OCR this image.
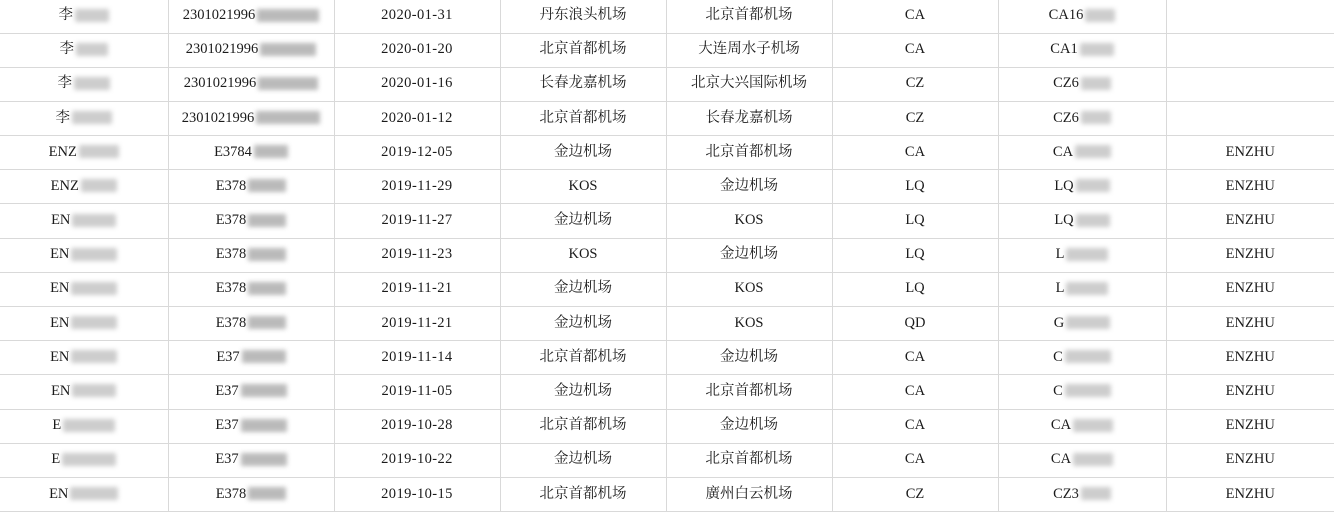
李	2301021996	2020-01-31	丹东浪头机场	北京首都机场	CA	CA16	

李	2301021996	2020-01-20	北京首都机场	大连周水子机场	CA	CA1	

李	2301021996	2020-01-16	长春龙嘉机场	北京大兴国际机场	CZ	CZ6	

李	2301021996	2020-01-12	北京首都机场	长春龙嘉机场	CZ	CZ6	

ENZ	E3784	2019-12-05	金边机场	北京首都机场	CA	CA	ENZHU

ENZ	E378	2019-11-29	KOS	金边机场	LQ	LQ	ENZHU

EN	E378	2019-11-27	金边机场	KOS	LQ	LQ	ENZHU

EN	E378	2019-11-23	KOS	金边机场	LQ	L	ENZHU

EN	E378	2019-11-21	金边机场	KOS	LQ	L	ENZHU

EN	E378	2019-11-21	金边机场	KOS	QD	G	ENZHU

EN	E37	2019-11-14	北京首都机场	金边机场	CA	C	ENZHU

EN	E37	2019-11-05	金边机场	北京首都机场	CA	C	ENZHU

E	E37	2019-10-28	北京首都机场	金边机场	CA	CA	ENZHU

E	E37	2019-10-22	金边机场	北京首都机场	CA	CA	ENZHU

EN	E378	2019-10-15	北京首都机场	廣州白云机场	CZ	CZ3	ENZHU
